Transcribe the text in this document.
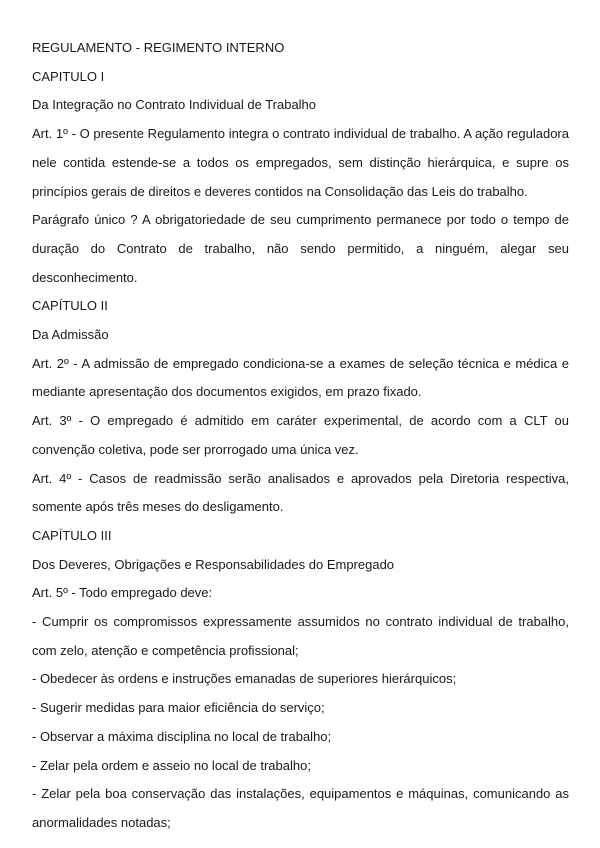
REGULAMENTO - REGIMENTO INTERNO

CAPITULO I

Da Integração no Contrato Individual de Trabalho

Art. 1º - O presente Regulamento integra o contrato individual de trabalho. A ação reguladora nele contida estende-se a todos os empregados, sem distinção hierárquica, e supre os princípios gerais de direitos e deveres contidos na Consolidação das Leis do trabalho.

Parágrafo único ? A obrigatoriedade de seu cumprimento permanece por todo o tempo de duração do Contrato de trabalho, não sendo permitido, a ninguém, alegar seu desconhecimento.

CAPÍTULO II

Da Admissão

Art. 2º - A admissão de empregado condiciona-se a exames de seleção técnica e médica e mediante apresentação dos documentos exigidos, em prazo fixado.

Art. 3º - O empregado é admitido em caráter experimental, de acordo com a CLT ou convenção coletiva, pode ser prorrogado uma única vez.

Art. 4º - Casos de readmissão serão analisados e aprovados pela Diretoria respectiva, somente após três meses do desligamento.

CAPÍTULO III

Dos Deveres, Obrigações e Responsabilidades do Empregado

Art. 5º - Todo empregado deve:

- Cumprir os compromissos expressamente assumidos no contrato individual de trabalho, com zelo, atenção e competência profissional;

- Obedecer às ordens e instruções emanadas de superiores hierárquicos;

- Sugerir medidas para maior eficiência do serviço;

- Observar a máxima disciplina no local de trabalho;

- Zelar pela ordem e asseio no local de trabalho;

- Zelar pela boa conservação das instalações, equipamentos e máquinas, comunicando as anormalidades notadas;
